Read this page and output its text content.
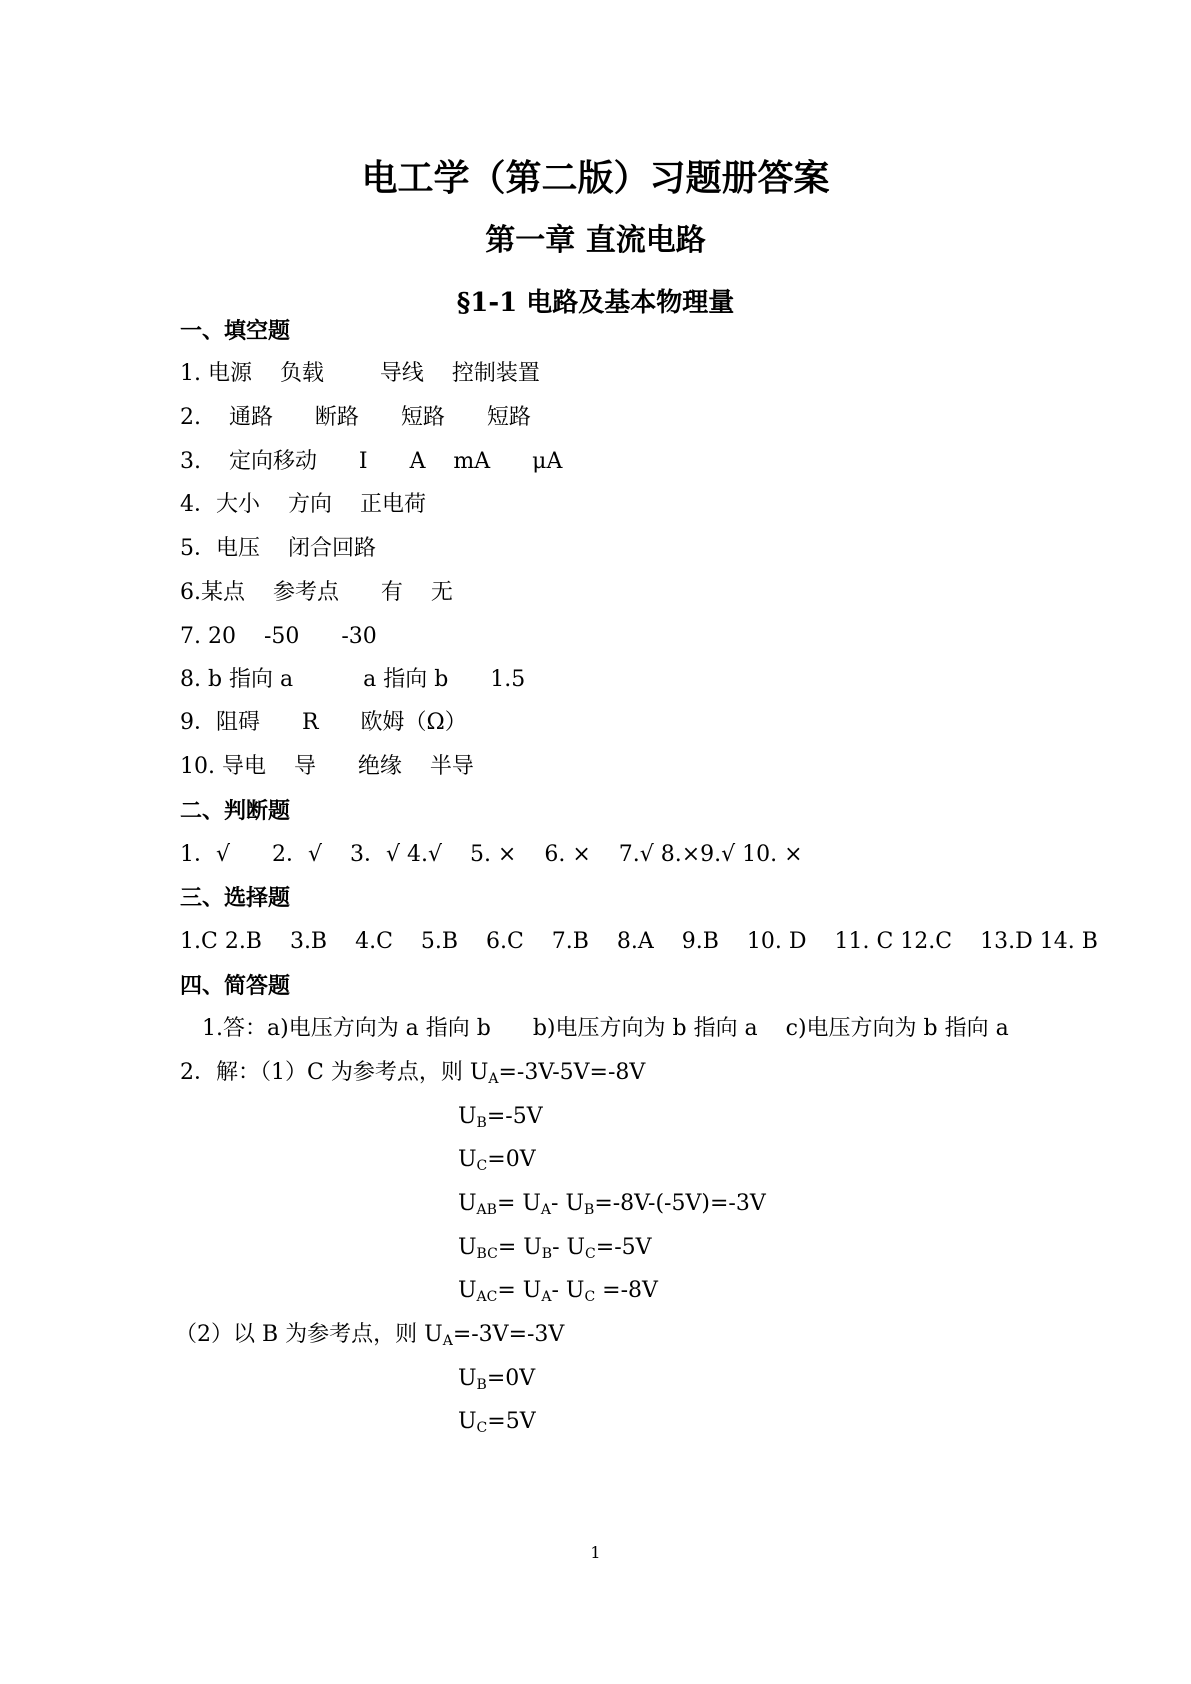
电工学（第二版）习题册答案
第一章 直流电路
§1-1 电路及基本物理量
一、填空题
1. 电源    负载        导线    控制装置
2.    通路      断路      短路      短路
3.    定向移动      I      A    mA      μA
4．大小    方向    正电荷
5．电压    闭合回路
6.某点    参考点      有    无
7. 20    -50      -30
8. b 指向 a          a 指向 b      1.5
9．阻碍      R      欧姆（Ω）
10. 导电    导      绝缘    半导
二、判断题
1．√      2．√    3．√ 4.√    5. ×    6. ×    7.√ 8.×9.√ 10. ×
三、选择题
1.C 2.B    3.B    4.C    5.B    6.C    7.B    8.A    9.B    10. D    11. C 12.C    13.D 14. B
四、简答题
1.答：a)电压方向为 a 指向 b      b)电压方向为 b 指向 a    c)电压方向为 b 指向 a
2．解：（1）C 为参考点，则 $U_A=-3V-5V=-8V$
$U_B=-5V$
$U_C=0V$
$U_{AB}= U_A-$ $U_B=-8V-(-5V)=-3V$
$U_{BC}= U_B-$ $U_C=-5V$
$U_{AC}= U_A-$ $U_C =-8V$
（2）以 B 为参考点，则 $U_A=-3V=-3V$
$U_B=0V$
$U_C=5V$
1
